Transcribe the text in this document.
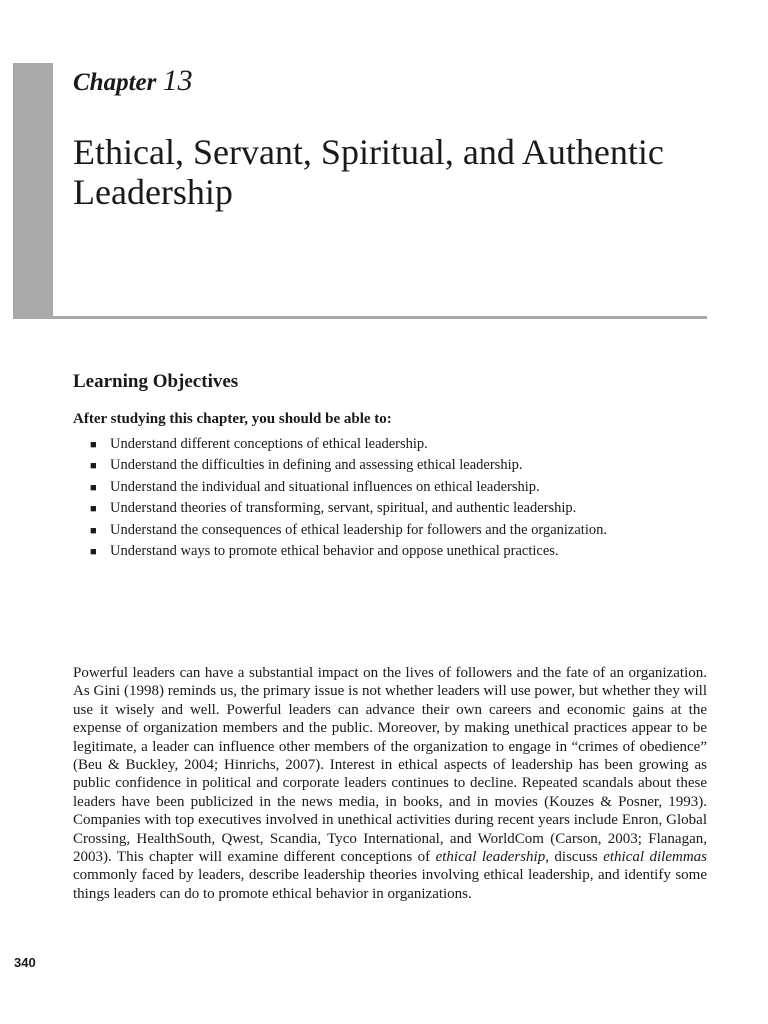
Chapter 13
Ethical, Servant, Spiritual, and Authentic Leadership
Learning Objectives
After studying this chapter, you should be able to:
■ Understand different conceptions of ethical leadership.
■ Understand the difficulties in defining and assessing ethical leadership.
■ Understand the individual and situational influences on ethical leadership.
■ Understand theories of transforming, servant, spiritual, and authentic leadership.
■ Understand the consequences of ethical leadership for followers and the organization.
■ Understand ways to promote ethical behavior and oppose unethical practices.

Powerful leaders can have a substantial impact on the lives of followers and the fate of an organization. As Gini (1998) reminds us, the primary issue is not whether leaders will use power, but whether they will use it wisely and well. Powerful leaders can advance their own careers and economic gains at the expense of organization members and the public. Moreover, by making unethical practices appear to be legitimate, a leader can influence other members of the organization to engage in “crimes of obedience” (Beu & Buckley, 2004; Hinrichs, 2007). Interest in ethical aspects of leadership has been growing as public confidence in political and corporate leaders continues to decline. Repeated scandals about these leaders have been publicized in the news media, in books, and in movies (Kouzes & Posner, 1993). Companies with top executives involved in unethical activities during recent years include Enron, Global Crossing, HealthSouth, Qwest, Scandia, Tyco International, and WorldCom (Carson, 2003; Flanagan, 2003). This chapter will examine different conceptions of ethical leadership, discuss ethical dilemmas commonly faced by leaders, describe leadership theories involving ethical leadership, and identify some things leaders can do to promote ethical behavior in organizations.

340
